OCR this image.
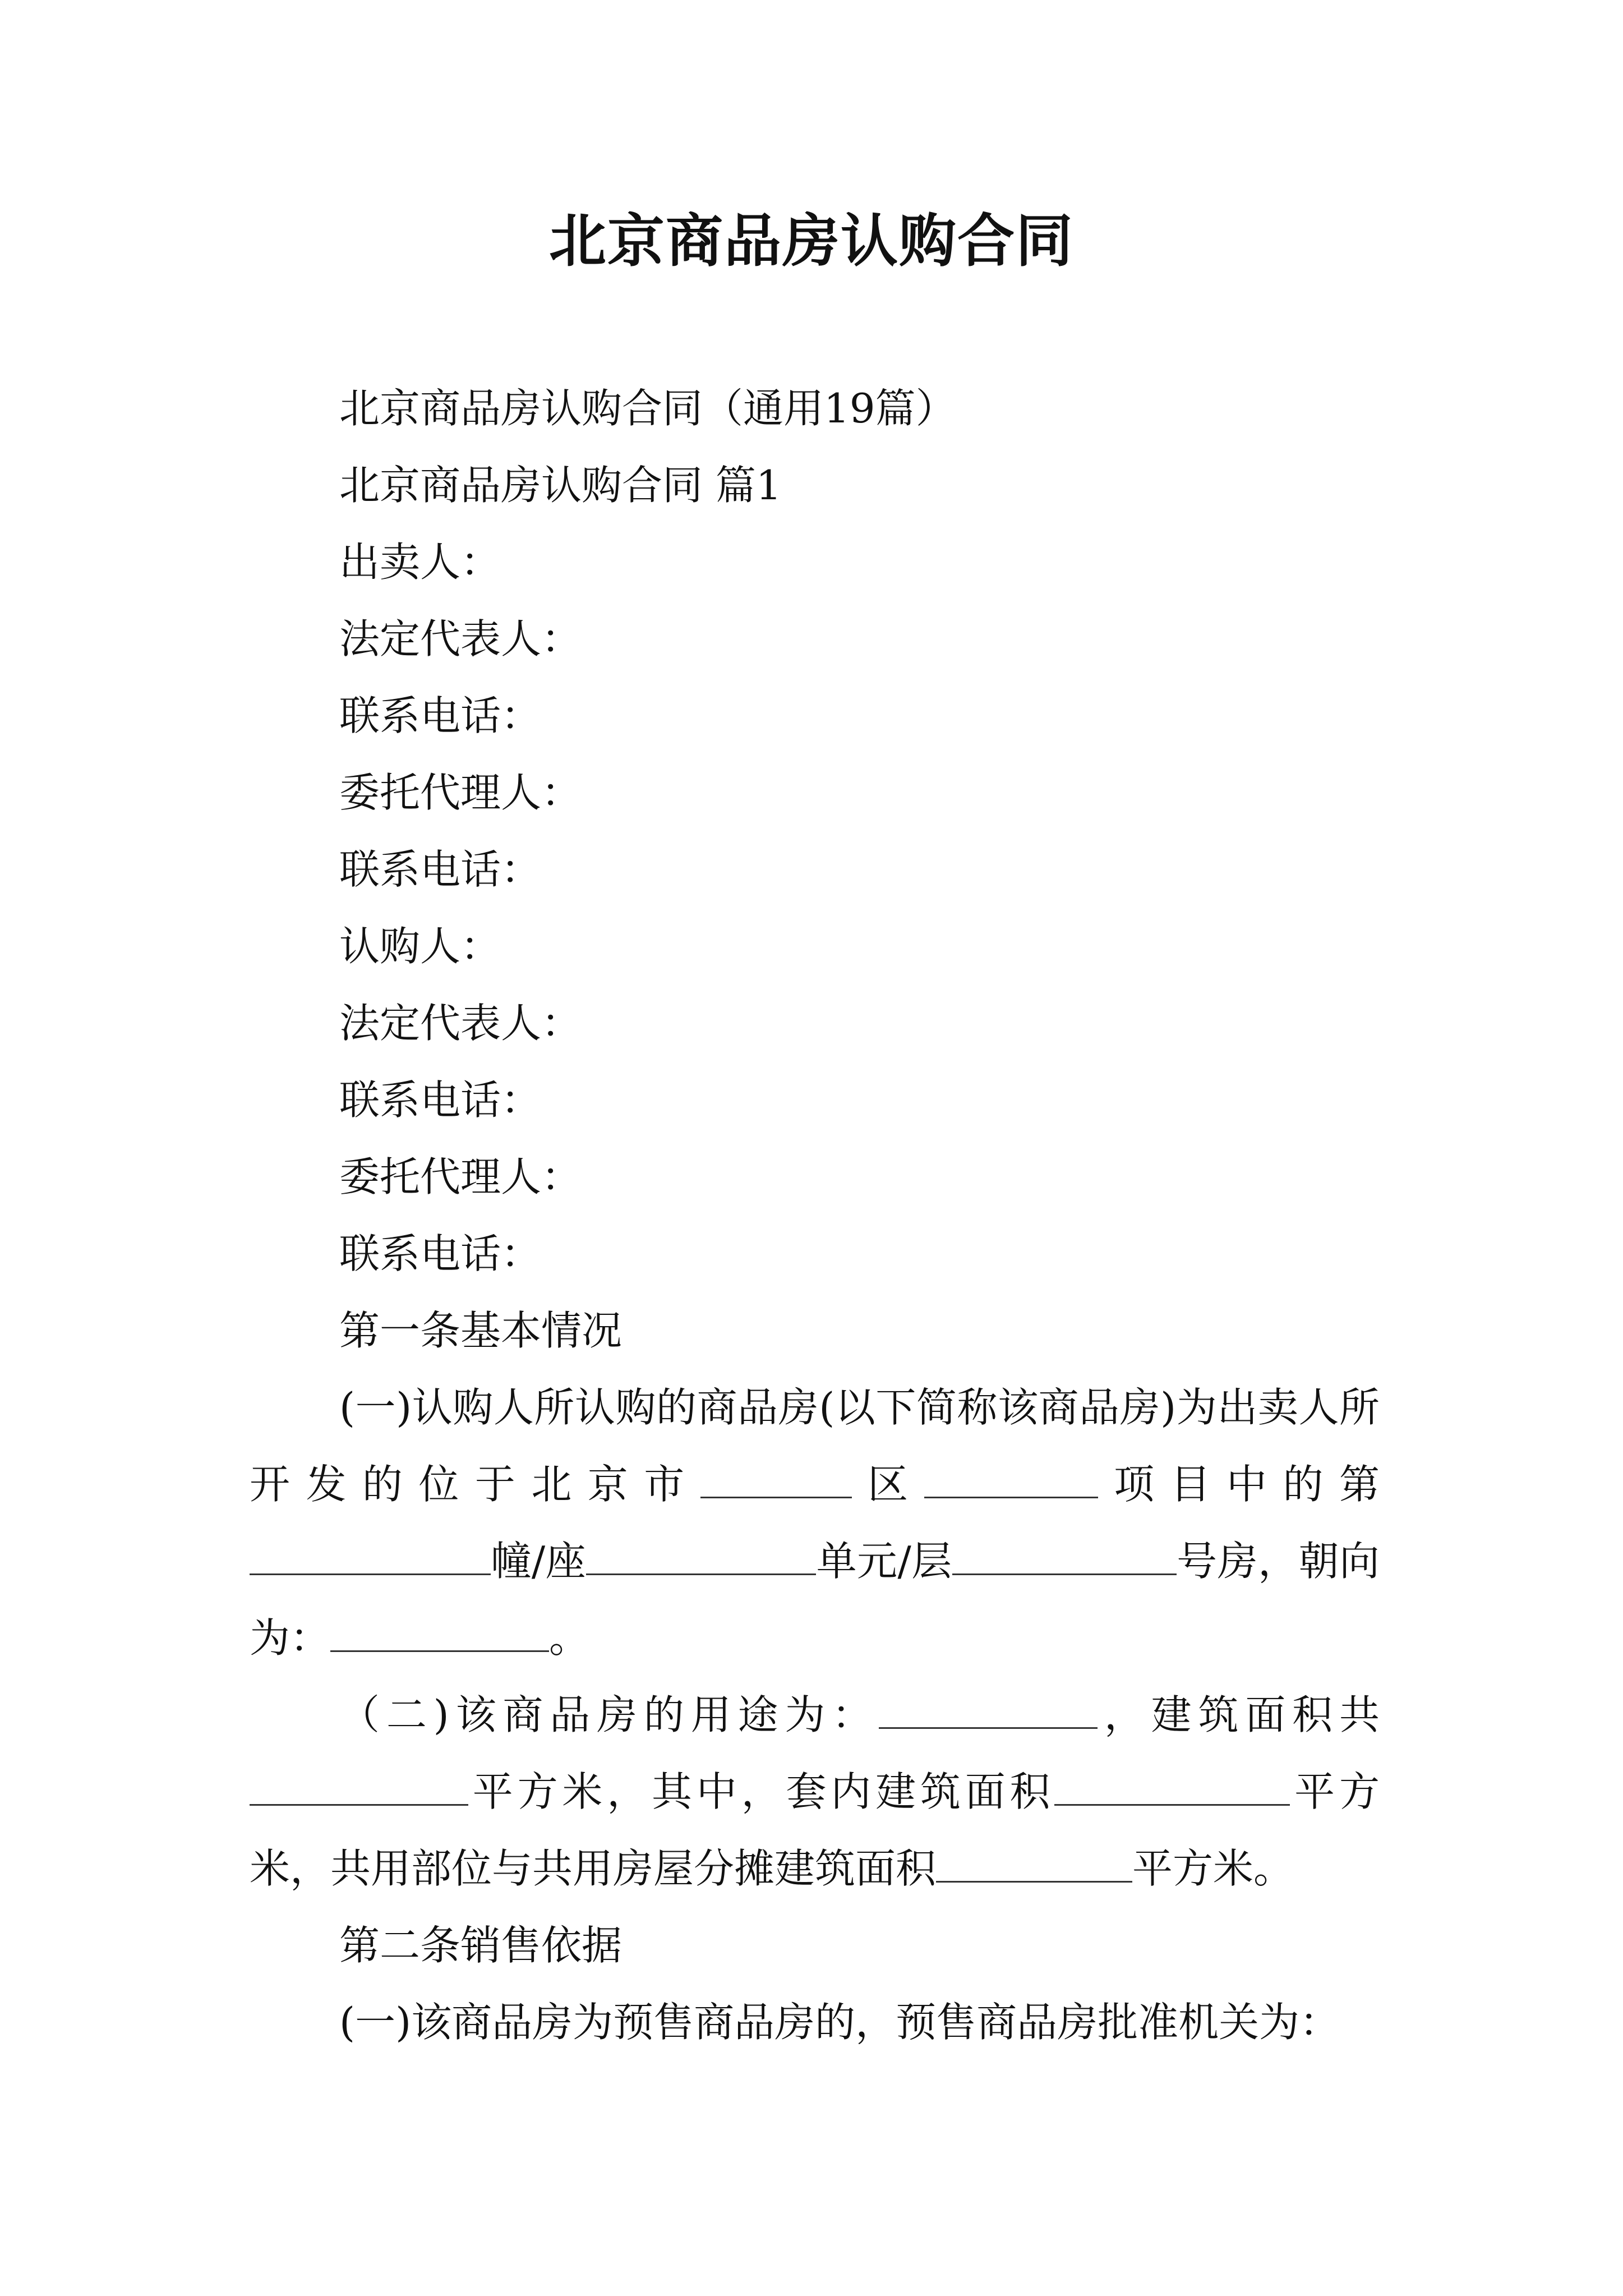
北京商品房认购合同
北京商品房认购合同（通用19篇）
北京商品房认购合同 篇1
出卖人：
法定代表人：
联系电话：
委托代理人：
联系电话：
认购人：
法定代表人：
联系电话：
委托代理人：
联系电话：
第一条基本情况
(一)认购人所认购的商品房(以下简称该商品房)为出卖人所开发的位于北京市	区	项目中的第幢/座	单元/层	号房，朝向为：	。
（二)该商品房的用途为：	，建筑面积共平方米，其中，套内建筑面积	平方米，共用部位与共用房屋分摊建筑面积	平方米。
第二条销售依据
(一)该商品房为预售商品房的，预售商品房批准机关为：
